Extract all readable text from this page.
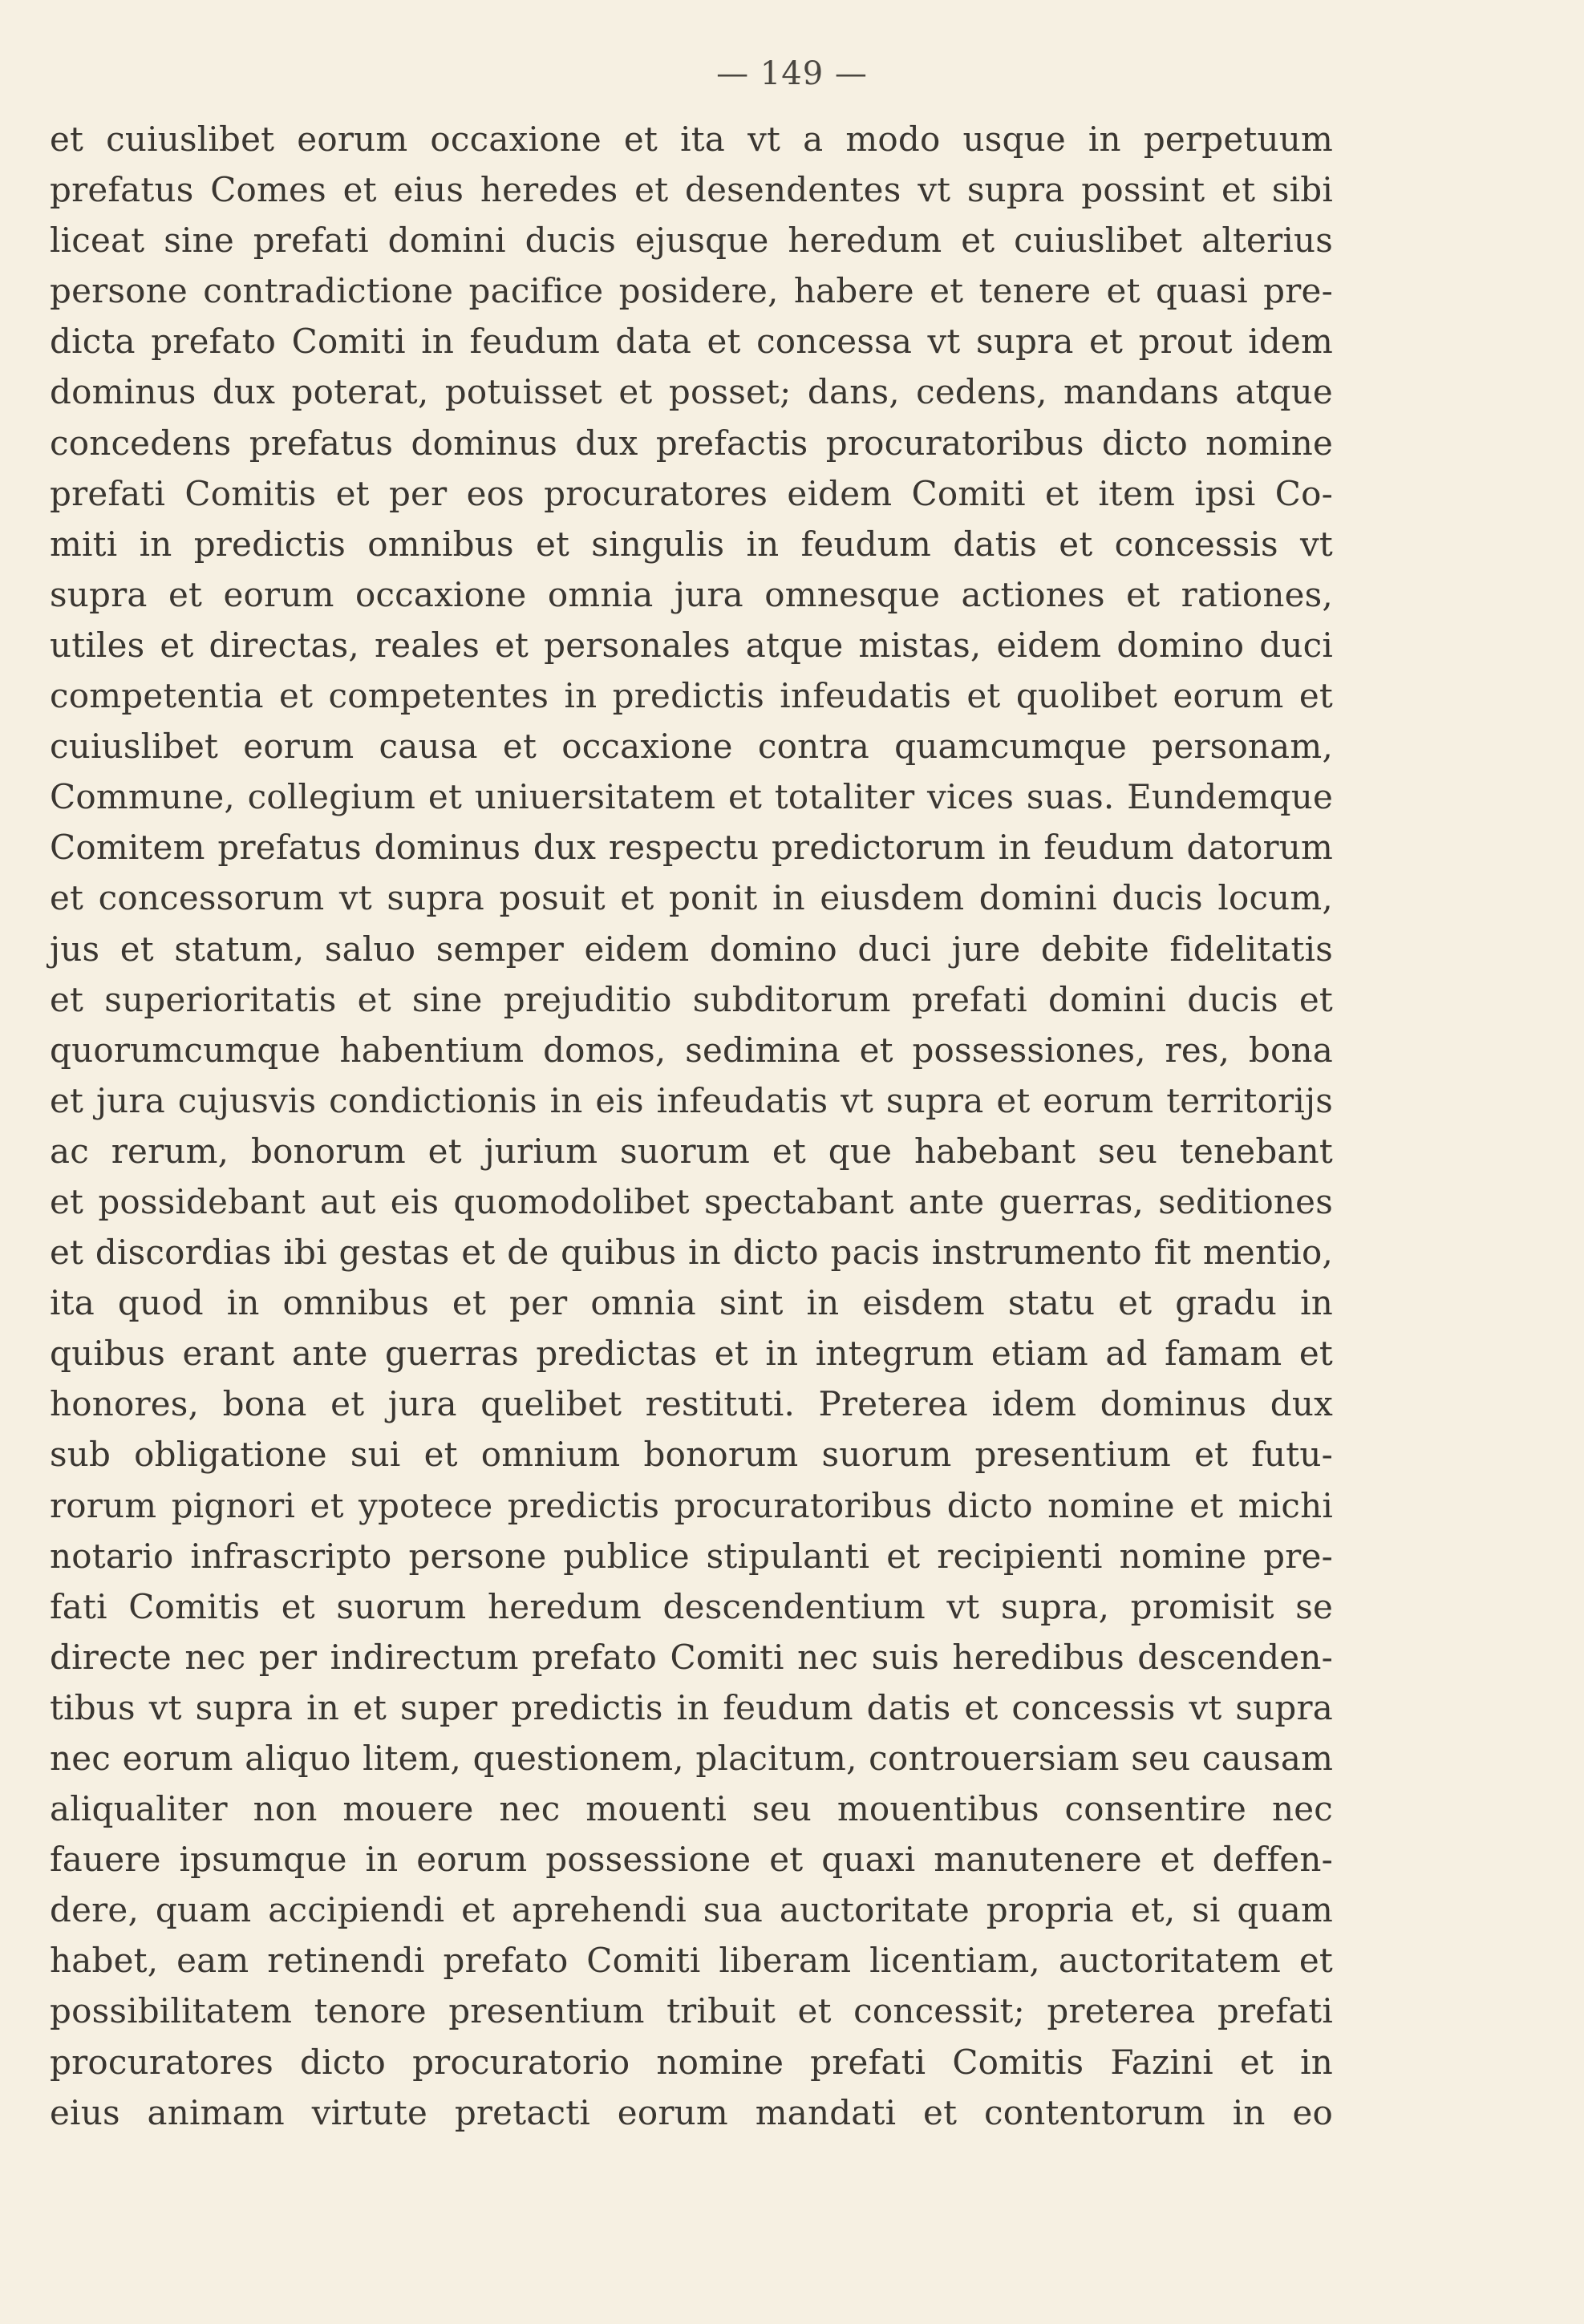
— 149 —
et cuiuslibet eorum occaxione et ita vt a modo usque in perpetuum
prefatus Comes et eius heredes et desendentes vt supra possint et sibi
liceat sine prefati domini ducis ejusque heredum et cuiuslibet alterius
persone contradictione pacifice posidere, habere et tenere et quasi pre-
dicta prefato Comiti in feudum data et concessa vt supra et prout idem
dominus dux poterat, potuisset et posset; dans, cedens, mandans atque
concedens prefatus dominus dux prefactis procuratoribus dicto nomine
prefati Comitis et per eos procuratores eidem Comiti et item ipsi Co-
miti in predictis omnibus et singulis in feudum datis et concessis vt
supra et eorum occaxione omnia jura omnesque actiones et rationes,
utiles et directas, reales et personales atque mistas, eidem domino duci
competentia et competentes in predictis infeudatis et quolibet eorum et
cuiuslibet eorum causa et occaxione contra quamcumque personam,
Commune, collegium et uniuersitatem et totaliter vices suas. Eundemque
Comitem prefatus dominus dux respectu predictorum in feudum datorum
et concessorum vt supra posuit et ponit in eiusdem domini ducis locum,
jus et statum, saluo semper eidem domino duci jure debite fidelitatis
et superioritatis et sine prejuditio subditorum prefati domini ducis et
quorumcumque habentium domos, sedimina et possessiones, res, bona
et jura cujusvis condictionis in eis infeudatis vt supra et eorum territorijs
ac rerum, bonorum et jurium suorum et que habebant seu tenebant
et possidebant aut eis quomodolibet spectabant ante guerras, seditiones
et discordias ibi gestas et de quibus in dicto pacis instrumento fit mentio,
ita quod in omnibus et per omnia sint in eisdem statu et gradu in
quibus erant ante guerras predictas et in integrum etiam ad famam et
honores, bona et jura quelibet restituti. Preterea idem dominus dux
sub obligatione sui et omnium bonorum suorum presentium et futu-
rorum pignori et ypotece predictis procuratoribus dicto nomine et michi
notario infrascripto persone publice stipulanti et recipienti nomine pre-
fati Comitis et suorum heredum descendentium vt supra, promisit se
directe nec per indirectum prefato Comiti nec suis heredibus descenden-
tibus vt supra in et super predictis in feudum datis et concessis vt supra
nec eorum aliquo litem, questionem, placitum, controuersiam seu causam
aliqualiter non mouere nec mouenti seu mouentibus consentire nec
fauere ipsumque in eorum possessione et quaxi manutenere et deffen-
dere, quam accipiendi et aprehendi sua auctoritate propria et, si quam
habet, eam retinendi prefato Comiti liberam licentiam, auctoritatem et
possibilitatem tenore presentium tribuit et concessit; preterea prefati
procuratores dicto procuratorio nomine prefati Comitis Fazini et in
eius animam virtute pretacti eorum mandati et contentorum in eo
